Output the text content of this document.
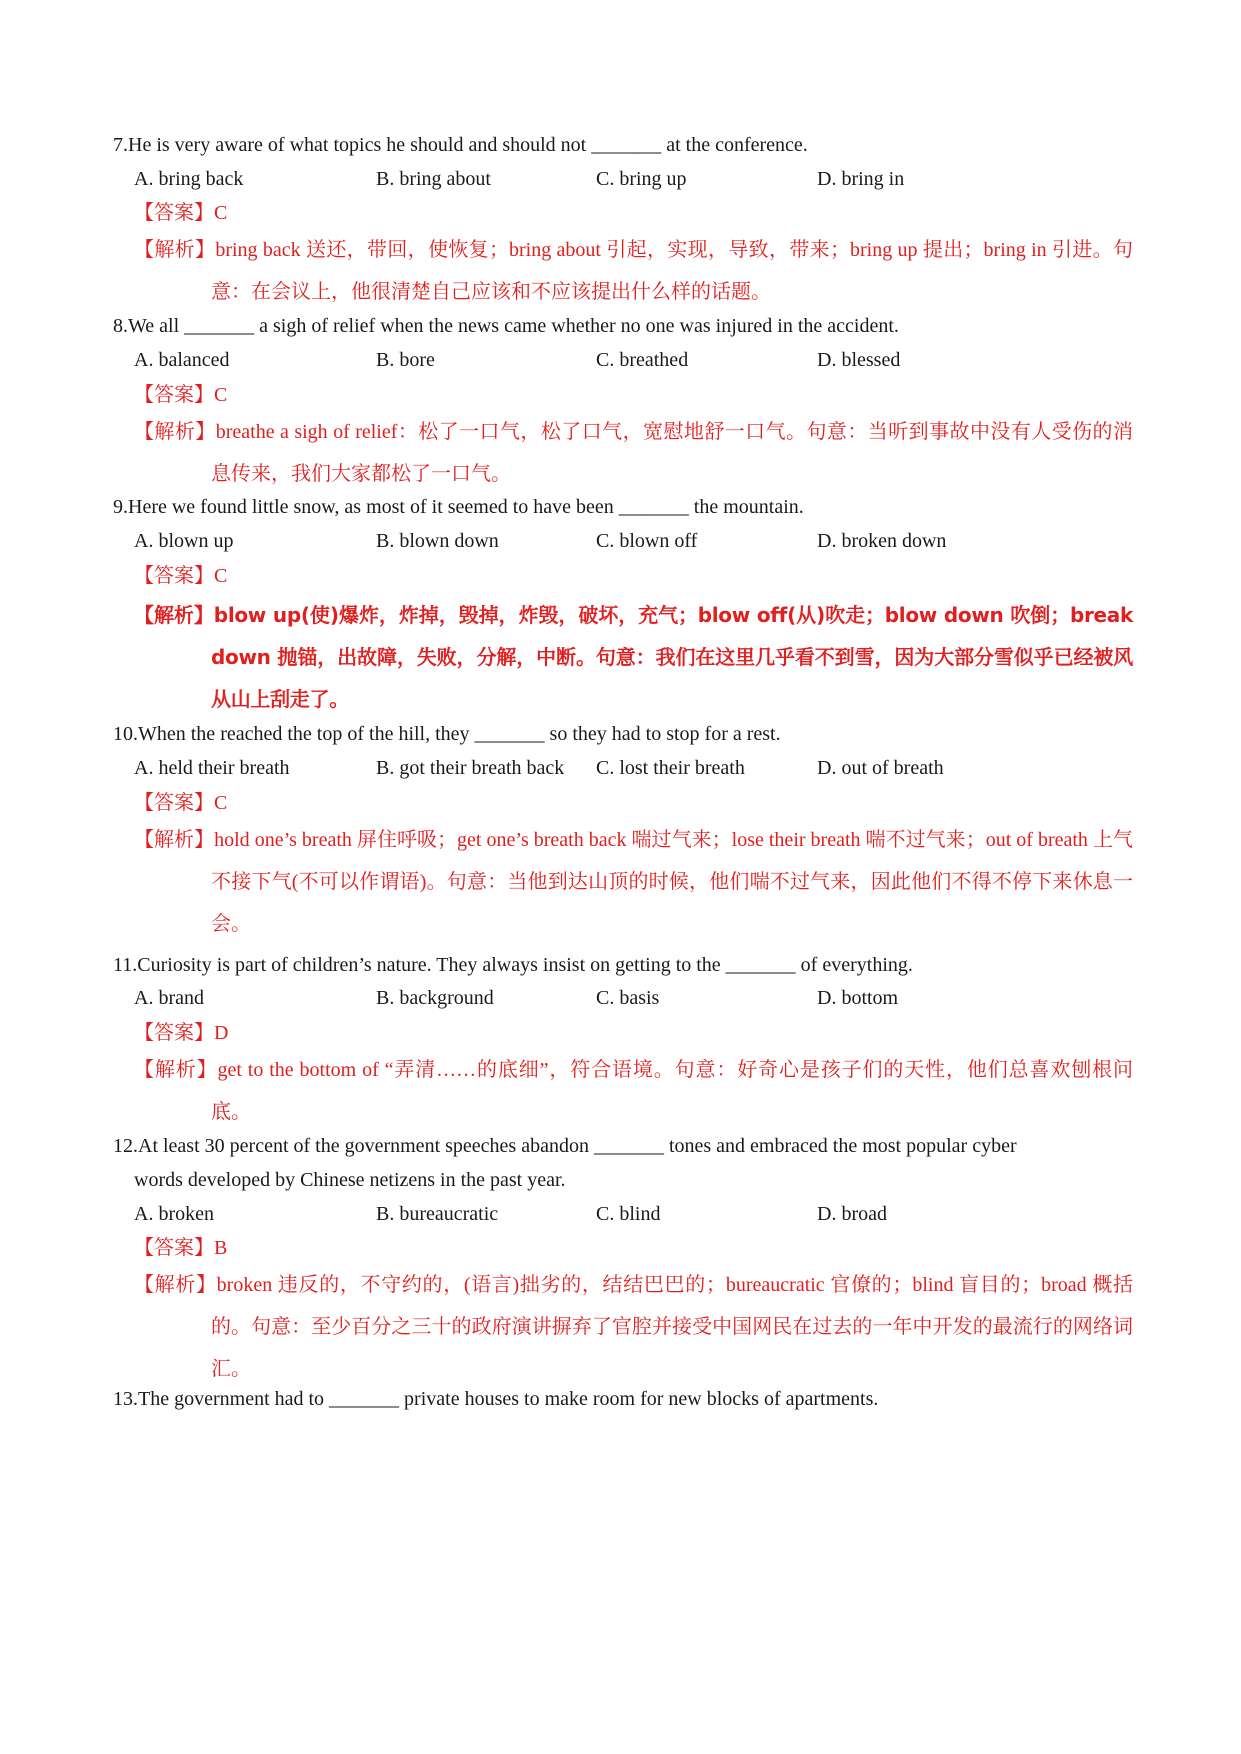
7.He is very aware of what topics he should and should not _______ at the conference.
A. bring back	B. bring about	C. bring up	D. bring in
【答案】C
【解析】bring back 送还，带回，使恢复；bring about 引起，实现，导致，带来；bring up 提出；bring in 引进。句意：在会议上，他很清楚自己应该和不应该提出什么样的话题。
8.We all _______ a sigh of relief when the news came whether no one was injured in the accident.
A. balanced	B. bore	C. breathed	D. blessed
【答案】C
【解析】breathe a sigh of relief：松了一口气，松了口气，宽慰地舒一口气。句意：当听到事故中没有人受伤的消息传来，我们大家都松了一口气。
9.Here we found little snow, as most of it seemed to have been _______ the mountain.
A. blown up	B. blown down	C. blown off	D. broken down
【答案】C
【解析】blow up(使)爆炸，炸掉，毁掉，炸毁，破坏，充气；blow off(从)吹走；blow down 吹倒；break down 抛锚，出故障，失败，分解，中断。句意：我们在这里几乎看不到雪，因为大部分雪似乎已经被风从山上刮走了。
10.When the reached the top of the hill, they _______ so they had to stop for a rest.
A. held their breath	B. got their breath back C. lost their breath	D. out of breath
【答案】C
【解析】hold one’s breath 屏住呼吸；get one’s breath back 喘过气来；lose their breath 喘不过气来；out of breath 上气不接下气(不可以作谓语)。句意：当他到达山顶的时候，他们喘不过气来，因此他们不得不停下来休息一会。
11.Curiosity is part of children’s nature. They always insist on getting to the _______ of everything.
A. brand	B. background	C. basis	D. bottom
【答案】D
【解析】get to the bottom of “弄清……的底细”，符合语境。句意：好奇心是孩子们的天性，他们总喜欢刨根问底。
12.At least 30 percent of the government speeches abandon _______ tones and embraced the most popular cyber
words developed by Chinese netizens in the past year.
A. broken	B. bureaucratic	C. blind	D. broad
【答案】B
【解析】broken 违反的，不守约的，(语言)拙劣的，结结巴巴的；bureaucratic 官僚的；blind 盲目的；broad 概括的。句意：至少百分之三十的政府演讲摒弃了官腔并接受中国网民在过去的一年中开发的最流行的网络词汇。
13.The government had to _______ private houses to make room for new blocks of apartments.
